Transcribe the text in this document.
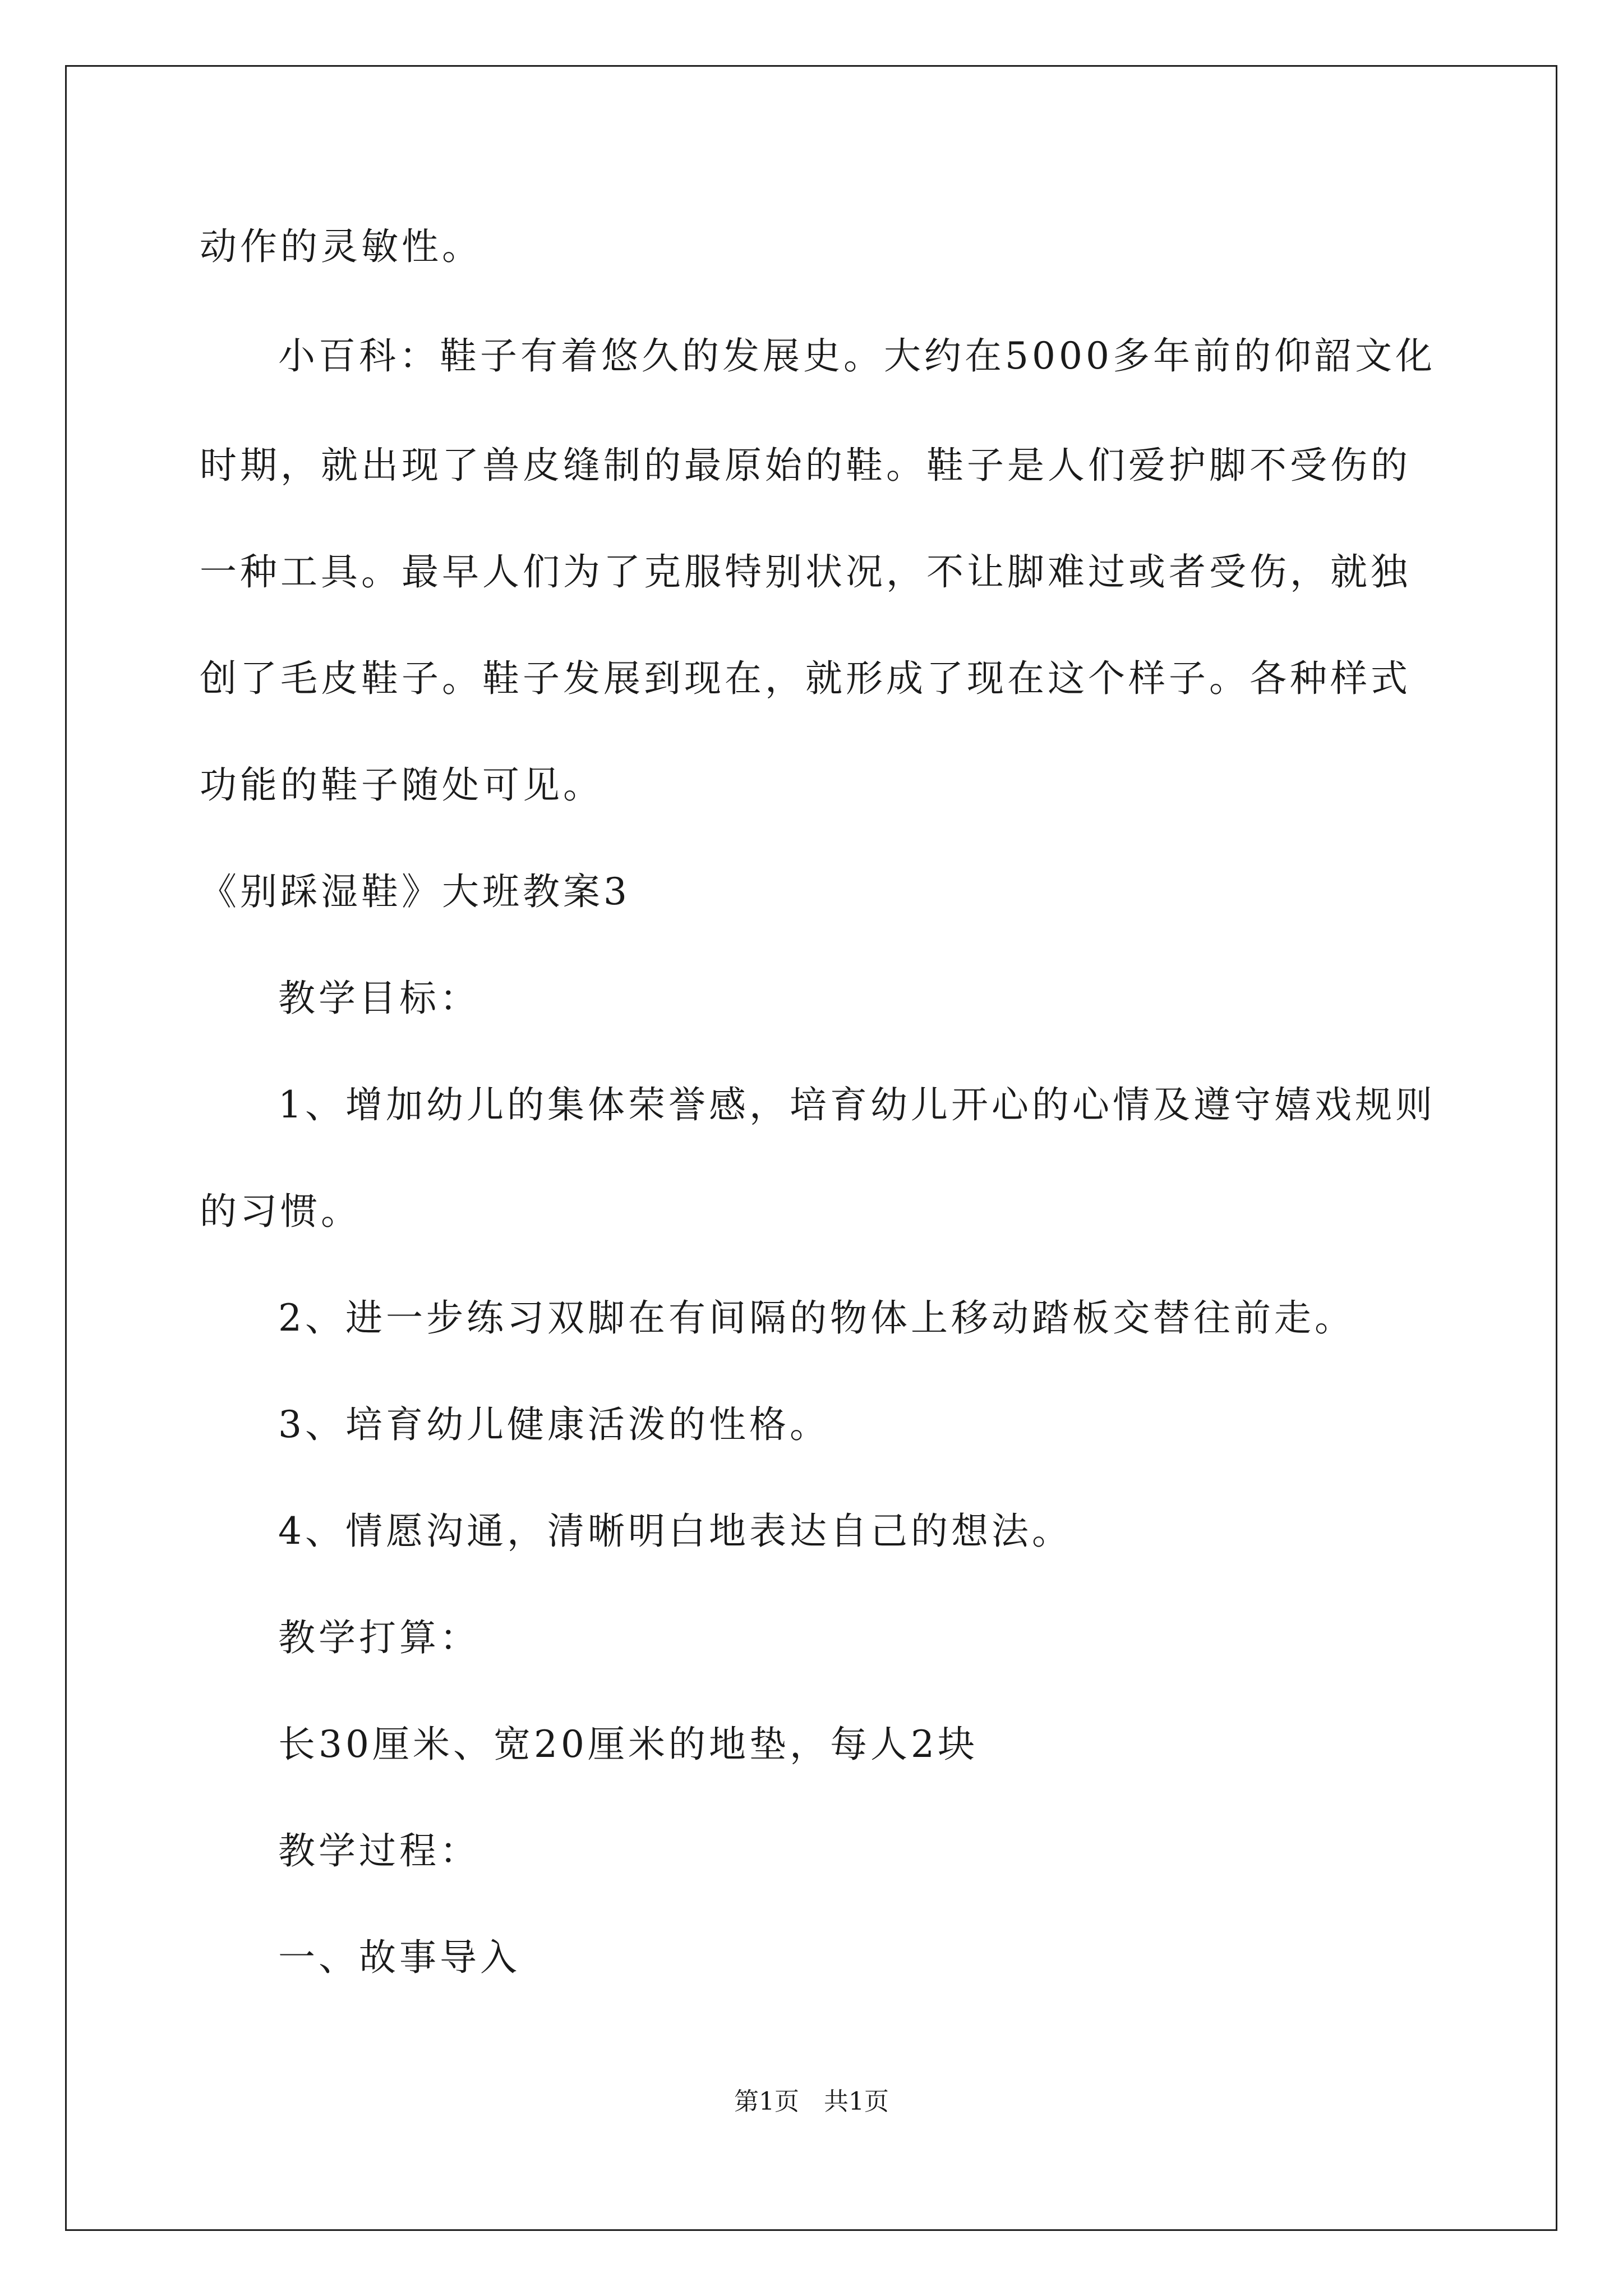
动作的灵敏性。
小百科：鞋子有着悠久的发展史。大约在5000多年前的仰韶文化
时期，就出现了兽皮缝制的最原始的鞋。鞋子是人们爱护脚不受伤的
一种工具。最早人们为了克服特别状况，不让脚难过或者受伤，就独
创了毛皮鞋子。鞋子发展到现在，就形成了现在这个样子。各种样式
功能的鞋子随处可见。
《别踩湿鞋》大班教案3
教学目标：
1、增加幼儿的集体荣誉感，培育幼儿开心的心情及遵守嬉戏规则
的习惯。
2、进一步练习双脚在有间隔的物体上移动踏板交替往前走。
3、培育幼儿健康活泼的性格。
4、情愿沟通，清晰明白地表达自己的想法。
教学打算：
长30厘米、宽20厘米的地垫，每人2块
教学过程：
一、故事导入
第1页　共1页
